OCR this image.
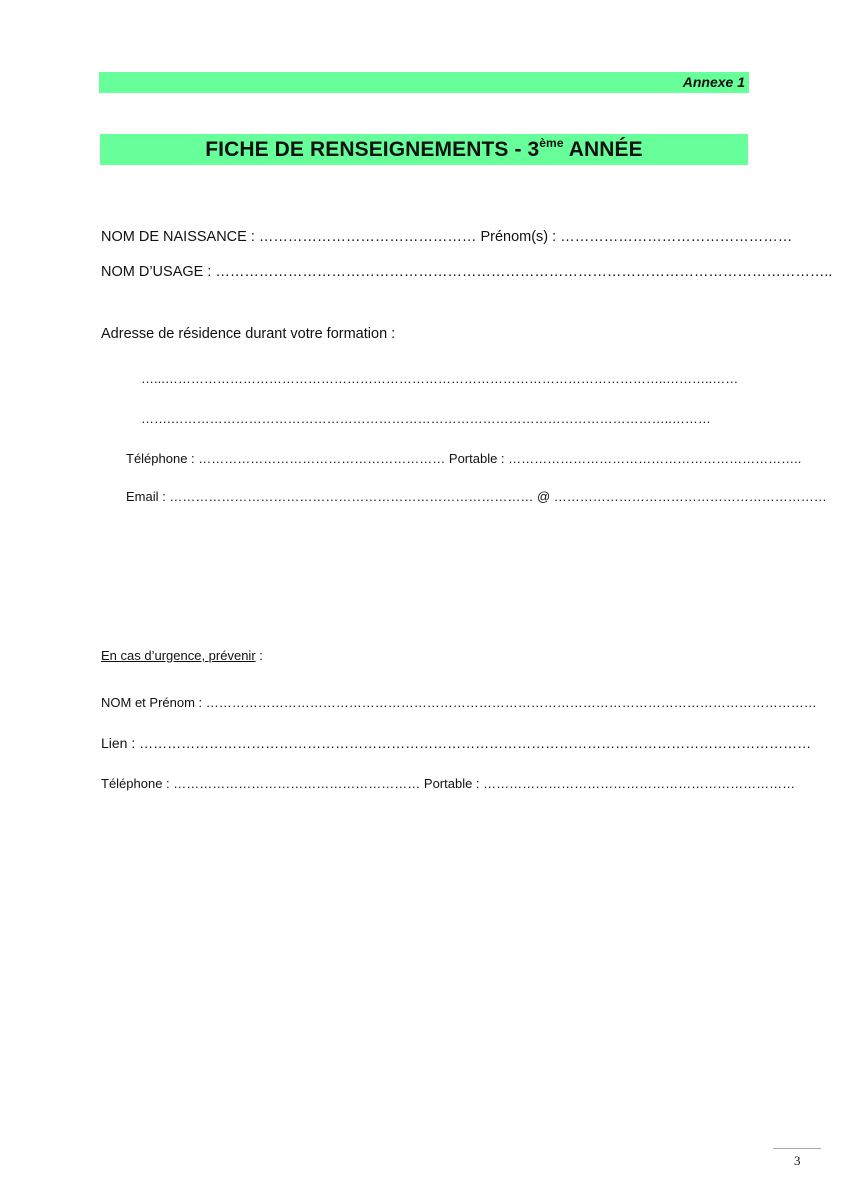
Annexe 1
FICHE DE RENSEIGNEMENTS - 3ème ANNÉE
NOM DE NAISSANCE : ……………………………………… Prénom(s) : …………………………………………
NOM D’USAGE : ………………………………………………………………………………………………………………..
Adresse de résidence durant votre formation :
…...……………………………………………………………………………………………………..………..……
…….……………………………………………………………………………………………………..………
Téléphone : ………………………………………………… Portable : …………………………………………………………..
Email : ………………………………………………………………………… @ ………………………………………………………
En cas d’urgence, prévenir :
NOM et Prénom : ……………………………………………………………………………………………………………………………
Lien : ………………………………………………………………………………………………………………………………
Téléphone : ………………………………………………… Portable : ………………………………………………………………
3
